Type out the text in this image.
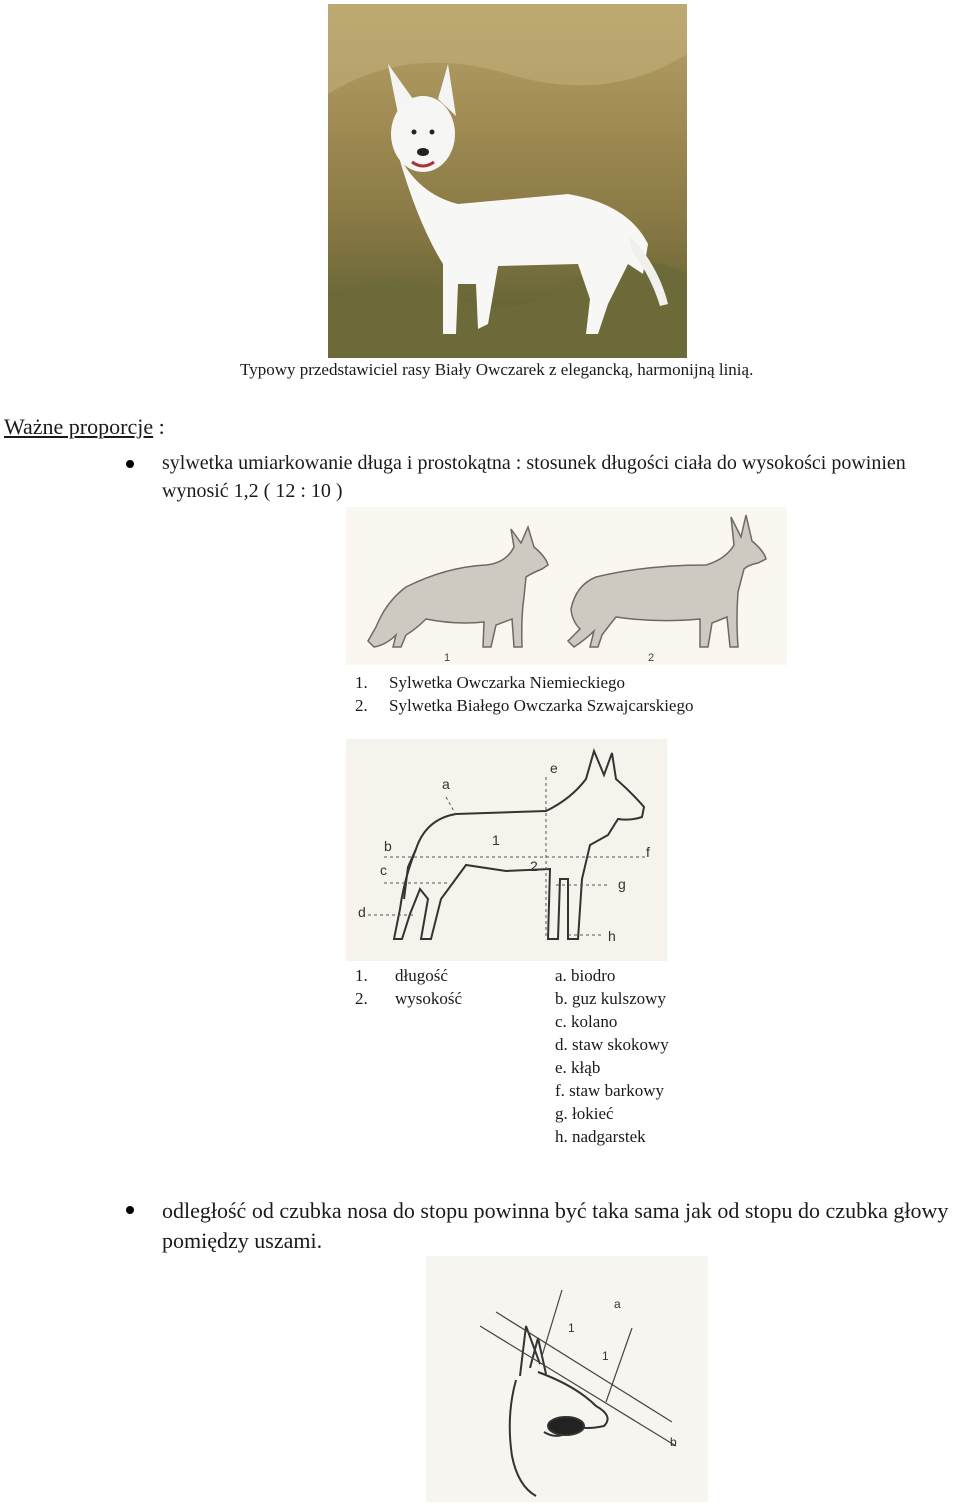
Typowy przedstawiciel rasy Biały Owczarek z elegancką, harmonijną linią.
Ważne proporcje :
sylwetka umiarkowanie długa i prostokątna : stosunek długości ciała do wysokości powinien wynosić 1,2 ( 12 : 10 )
1	2
1. Sylwetka Owczarka Niemieckiego
2. Sylwetka Białego Owczarka Szwajcarskiego
a
b
c
d
e
f
g
h
1
2
1. długość	a. biodro
2. wysokość	b. guz kulszowy
c. kolano
d. staw skokowy
e. kłąb
f. staw barkowy
g. łokieć
h. nadgarstek
odległość od czubka nosa do stopu powinna być taka sama jak od stopu do czubka głowy pomiędzy uszami.
a
b
1
1
